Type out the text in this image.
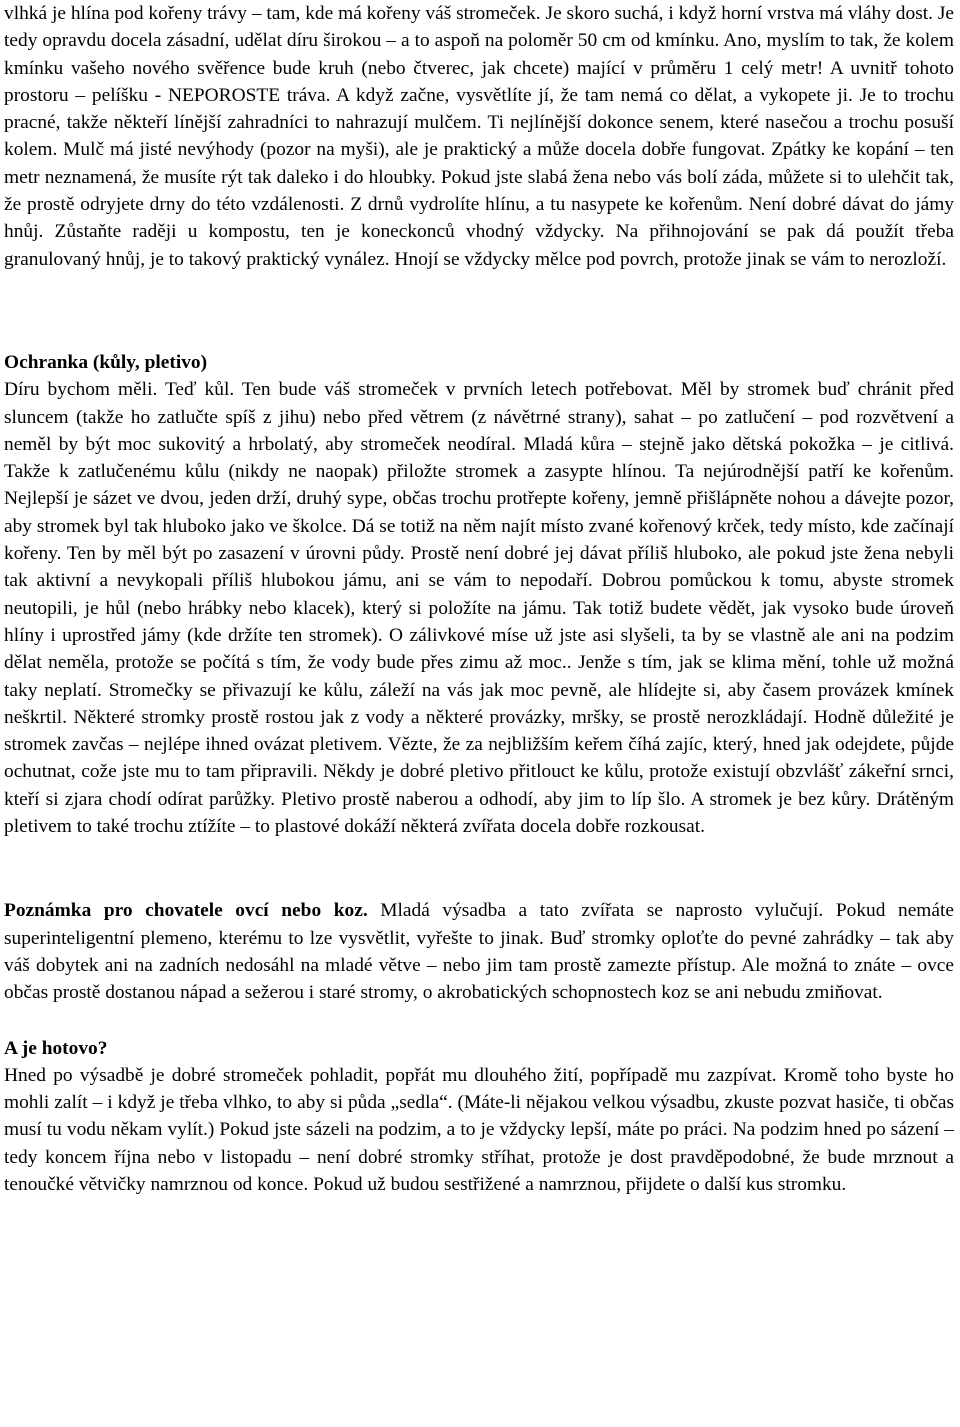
vlhká je hlína pod kořeny trávy – tam, kde má kořeny váš stromeček. Je skoro suchá, i když horní vrstva má vláhy dost. Je tedy opravdu docela zásadní, udělat díru širokou – a to aspoň na poloměr 50 cm od kmínku. Ano, myslím to tak, že kolem kmínku vašeho nového svěřence bude kruh (nebo čtverec, jak chcete) mající v průměru 1 celý metr! A uvnitř tohoto prostoru – pelíšku - NEPOROSTE tráva. A když začne, vysvětlíte jí, že tam nemá co dělat, a vykopete ji. Je to trochu pracné, takže někteří línější zahradníci to nahrazují mulčem. Ti nejlínější dokonce senem, které nasečou a trochu posuší kolem. Mulč má jisté nevýhody (pozor na myši), ale je praktický a může docela dobře fungovat. Zpátky ke kopání – ten metr neznamená, že musíte rýt tak daleko i do hloubky. Pokud jste slabá žena nebo vás bolí záda, můžete si to ulehčit tak, že prostě odryjete drny do této vzdálenosti. Z drnů vydrolíte hlínu, a tu nasypete ke kořenům. Není dobré dávat do jámy hnůj. Zůstaňte raději u kompostu, ten je koneckonců vhodný vždycky. Na přihnojování se pak dá použít třeba granulovaný hnůj, je to takový praktický vynález. Hnojí se vždycky mělce pod povrch, protože jinak se vám to nerozloží.

Ochranka (kůly, pletivo)

Díru bychom měli. Teď kůl. Ten bude váš stromeček v prvních letech potřebovat. Měl by stromek buď chránit před sluncem (takže ho zatlučte spíš z jihu) nebo před větrem (z návětrné strany), sahat – po zatlučení – pod rozvětvení a neměl by být moc sukovitý a hrbolatý, aby stromeček neodíral. Mladá kůra – stejně jako dětská pokožka – je citlivá. Takže k zatlučenému kůlu (nikdy ne naopak) přiložte stromek a zasypte hlínou. Ta nejúrodnější patří ke kořenům. Nejlepší je sázet ve dvou, jeden drží, druhý sype, občas trochu protřepte kořeny, jemně přišlápněte nohou a dávejte pozor, aby stromek byl tak hluboko jako ve školce. Dá se totiž na něm najít místo zvané kořenový krček, tedy místo, kde začínají kořeny. Ten by měl být po zasazení v úrovni půdy. Prostě není dobré jej dávat příliš hluboko, ale pokud jste žena nebyli tak aktivní a nevykopali příliš hlubokou jámu, ani se vám to nepodaří. Dobrou pomůckou k tomu, abyste stromek neutopili, je hůl (nebo hrábky nebo klacek), který si položíte na jámu. Tak totiž budete vědět, jak vysoko bude úroveň hlíny i uprostřed jámy (kde držíte ten stromek). O zálivkové míse už jste asi slyšeli, ta by se vlastně ale ani na podzim dělat neměla, protože se počítá s tím, že vody bude přes zimu až moc.. Jenže s tím, jak se klima mění, tohle už možná taky neplatí. Stromečky se přivazují ke kůlu, záleží na vás jak moc pevně, ale hlídejte si, aby časem provázek kmínek neškrtil. Některé stromky prostě rostou jak z vody a některé provázky, mršky, se prostě nerozkládají. Hodně důležité je stromek zavčas – nejlépe ihned ovázat pletivem. Vězte, že za nejbližším keřem číhá zajíc, který, hned jak odejdete, půjde ochutnat, cože jste mu to tam připravili. Někdy je dobré pletivo přitlouct ke kůlu, protože existují obzvlášť zákeřní srnci, kteří si zjara chodí odírat parůžky. Pletivo prostě naberou a odhodí, aby jim to líp šlo. A stromek je bez kůry. Drátěným pletivem to také trochu ztížíte – to plastové dokáží některá zvířata docela dobře rozkousat.

Poznámka pro chovatele ovcí nebo koz. Mladá výsadba a tato zvířata se naprosto vylučují. Pokud nemáte superinteligentní plemeno, kterému to lze vysvětlit, vyřešte to jinak. Buď stromky oploťte do pevné zahrádky – tak aby váš dobytek ani na zadních nedosáhl na mladé větve – nebo jim tam prostě zamezte přístup. Ale možná to znáte – ovce občas prostě dostanou nápad a sežerou i staré stromy, o akrobatických schopnostech koz se ani nebudu zmiňovat.

A je hotovo?

Hned po výsadbě je dobré stromeček pohladit, popřát mu dlouhého žití, popřípadě mu zazpívat. Kromě toho byste ho mohli zalít – i když je třeba vlhko, to aby si půda „sedla“. (Máte-li nějakou velkou výsadbu, zkuste pozvat hasiče, ti občas musí tu vodu někam vylít.) Pokud jste sázeli na podzim, a to je vždycky lepší, máte po práci. Na podzim hned po sázení – tedy koncem října nebo v listopadu – není dobré stromky stříhat, protože je dost pravděpodobné, že bude mrznout a tenoučké větvičky namrznou od konce. Pokud už budou sestřižené a namrznou, přijdete o další kus stromku.
